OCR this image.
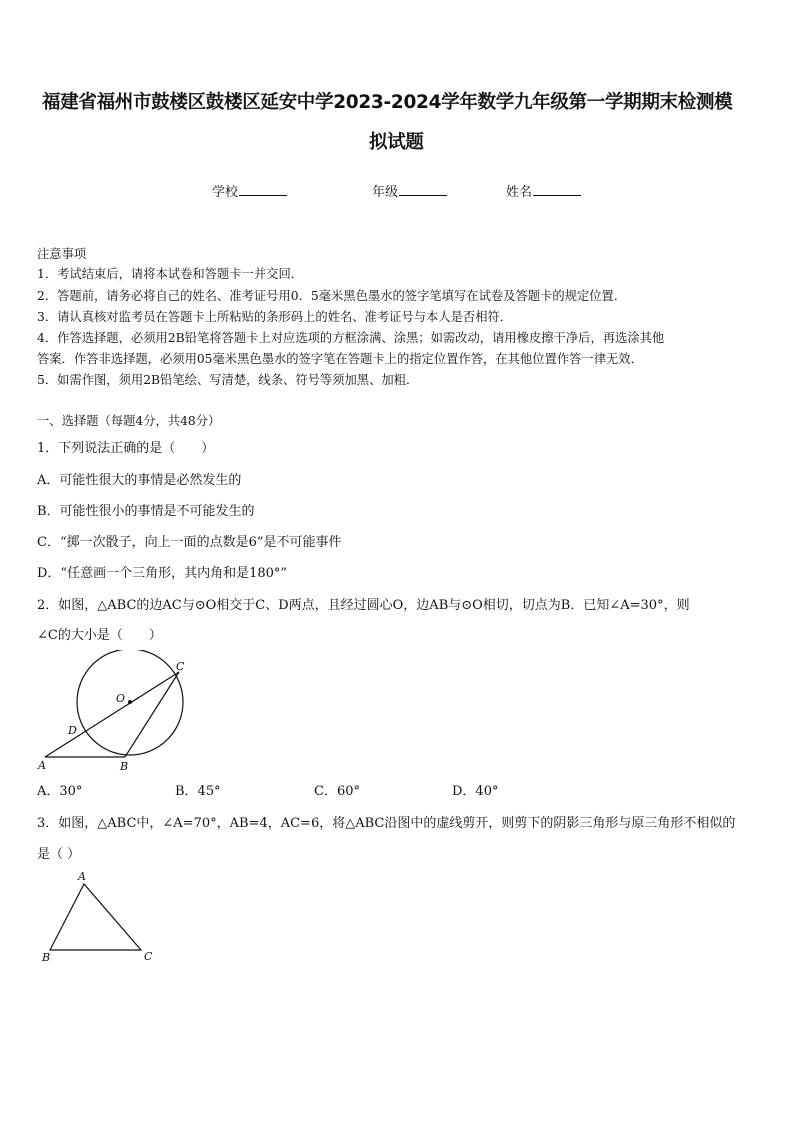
福建省福州市鼓楼区鼓楼区延安中学2023-2024学年数学九年级第一学期期末检测模
拟试题
学校	年级	姓名
注意事项
1．考试结束后，请将本试卷和答题卡一并交回．
2．答题前，请务必将自己的姓名、准考证号用0．5毫米黑色墨水的签字笔填写在试卷及答题卡的规定位置．
3．请认真核对监考员在答题卡上所粘贴的条形码上的姓名、准考证号与本人是否相符．
4．作答选择题，必须用2B铅笔将答题卡上对应选项的方框涂满、涂黑；如需改动，请用橡皮擦干净后，再选涂其他
答案．作答非选择题，必须用05毫米黑色墨水的签字笔在答题卡上的指定位置作答，在其他位置作答一律无效．
5．如需作图，须用2B铅笔绘、写清楚，线条、符号等须加黑、加粗．
一、选择题（每题4分，共48分）
1．下列说法正确的是（　　）
A．可能性很大的事情是必然发生的
B．可能性很小的事情是不可能发生的
C．“掷一次骰子，向上一面的点数是6”是不可能事件
D．“任意画一个三角形，其内角和是180°”
2．如图，△ABC的边AC与⊙O相交于C、D两点，且经过圆心O，边AB与⊙O相切，切点为B．已知∠A=30°，则
∠C的大小是（　　）
O
C
D
A	B
A．30°	B．45°	C．60°	D．40°
3．如图，△ABC中，∠A=70°，AB=4，AC=6，将△ABC沿图中的虚线剪开，则剪下的阴影三角形与原三角形不相似的
是（ ）
A
B	C
